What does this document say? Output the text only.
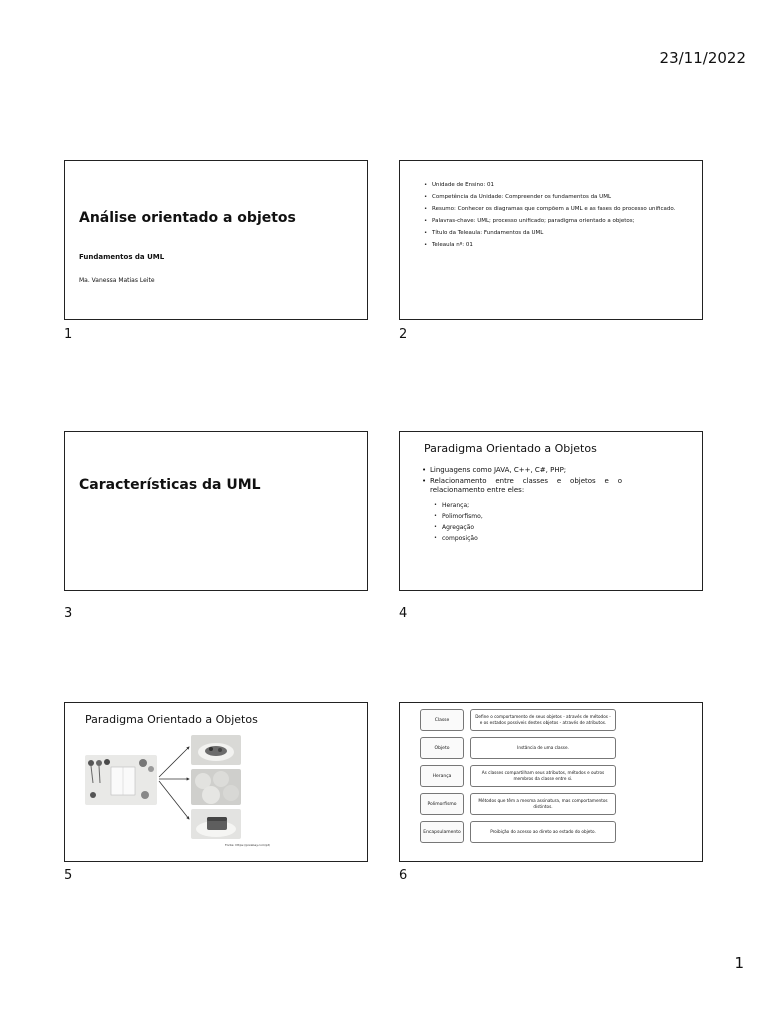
23/11/2022
Análise orientado a objetos
Fundamentos da UML
Ma. Vanessa Matias Leite
1
• Unidade de Ensino: 01
• Competência da Unidade: Compreender os fundamentos da UML
• Resumo: Conhecer os diagramas que compõem a UML e as fases do processo unificado.
• Palavras-chave: UML; processo unificado; paradigma orientado a objetos;
• Título da Teleaula: Fundamentos da UML
• Teleaula nº: 01
2
Características da UML
3
Paradigma Orientado a Objetos
• Linguagens como JAVA, C++, C#, PHP;
• Relacionamento entre classes e objetos e o relacionamento entre eles:
• Herança;
• Polimorfismo,
• Agregação
• composição
4
Paradigma Orientado a Objetos
Fonte: https://pixabay.com/pt/
5
Classe
Define o comportamento de seus objetos - através de métodos - e os estados possíveis destes objetos - através de atributos.
Objeto	Instância de uma classe.
Herança
As classes compartilham seus atributos, métodos e outros membros da classe entre si.
Polimorfismo
Métodos que têm a mesma assinatura, mas comportamentos distintos.
Encapsulamento	Proibição do acesso ao direto ao estado do objeto.
6
1
